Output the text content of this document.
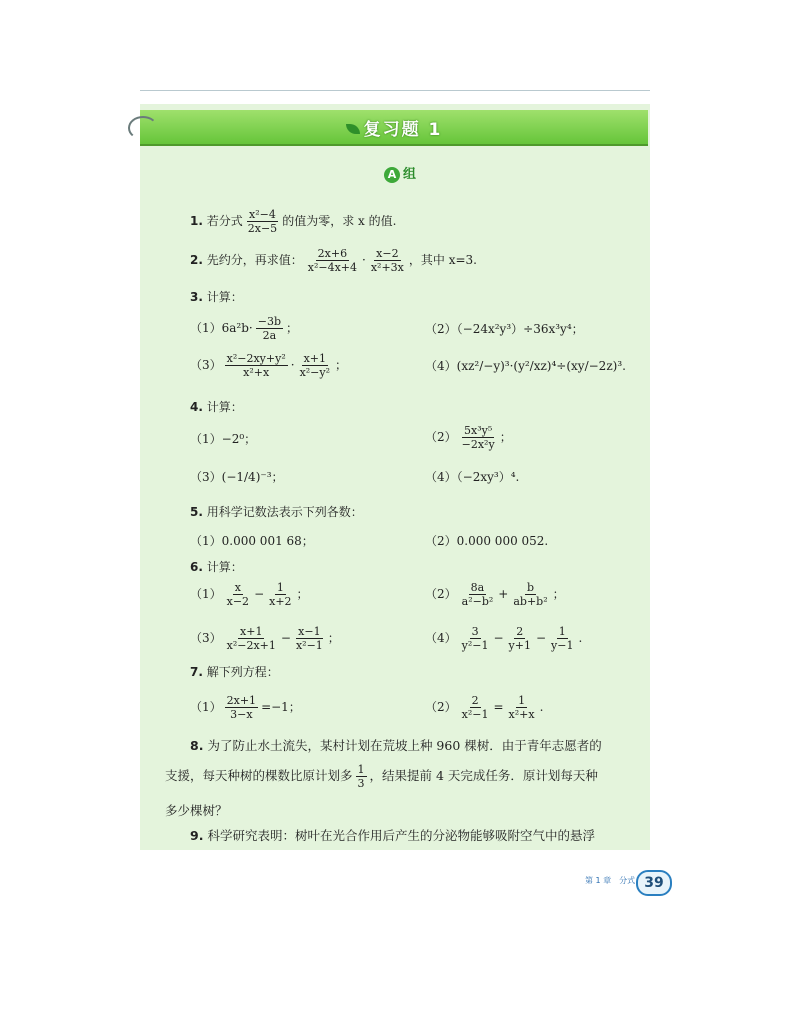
复习题 1
A 组
1. 若分式 $\frac{\text{x²−4}}{2x-5}$ 的值为零，求 x 的值.
2. 先约分，再求值： $\frac{2x+6}{\text{x²−4x+4}} \cdot \frac{x-2}{\text{x²+3x}}$ ，其中 x=3.
3. 计算：
$(1)6a^2b\cdot \frac{-3b}{2a}$ ；	（2）（−24x²y³）÷36x³y⁴；
$(3) \frac{\text{x²−2xy+y²}}{\text{x²+x}} \cdot \frac{x+1}{\text{x²−y²}}$ ；	（4）(xz²/−y)³·(y²/xz)⁴÷(xy/−2z)³.
4. 计算：
（1）−2⁰；	$(2) \frac{\text{5x³y⁵}}{\text{−2x²y}}$ ；
（3）(−1/4)⁻³；	（4）（−2xy³）⁴.
5. 用科学记数法表示下列各数：
（1）0.000 001 68；	（2）0.000 000 052.
6. 计算：
$(1) \frac{x}{x-2} - \frac{1}{x+2}$ ；	$(2) \frac{8a}{\text{a²−b²}} + \frac{b}{\text{ab+b²}}$ ；
$(3) \frac{x+1}{\text{x²−2x+1}} - \frac{x-1}{\text{x²−1}}$ ；	$(4) \frac{3}{\text{y²−1}} - \frac{2}{y+1} - \frac{1}{y-1}$ .
7. 解下列方程：
$(1) \frac{2x+1}{3-x} =-1$；	$(2) \frac{2}{\text{x²−1}} = \frac{1}{\text{x²+x}}$ .
8. 为了防止水土流失，某村计划在荒坡上种 960 棵树．由于青年志愿者的
支援，每天种树的棵数比原计划多 $\frac{1}{3}$ ，结果提前 4 天完成任务．原计划每天种
多少棵树？
9. 科学研究表明：树叶在光合作用后产生的分泌物能够吸附空气中的悬浮
第 1 章　分式 39
